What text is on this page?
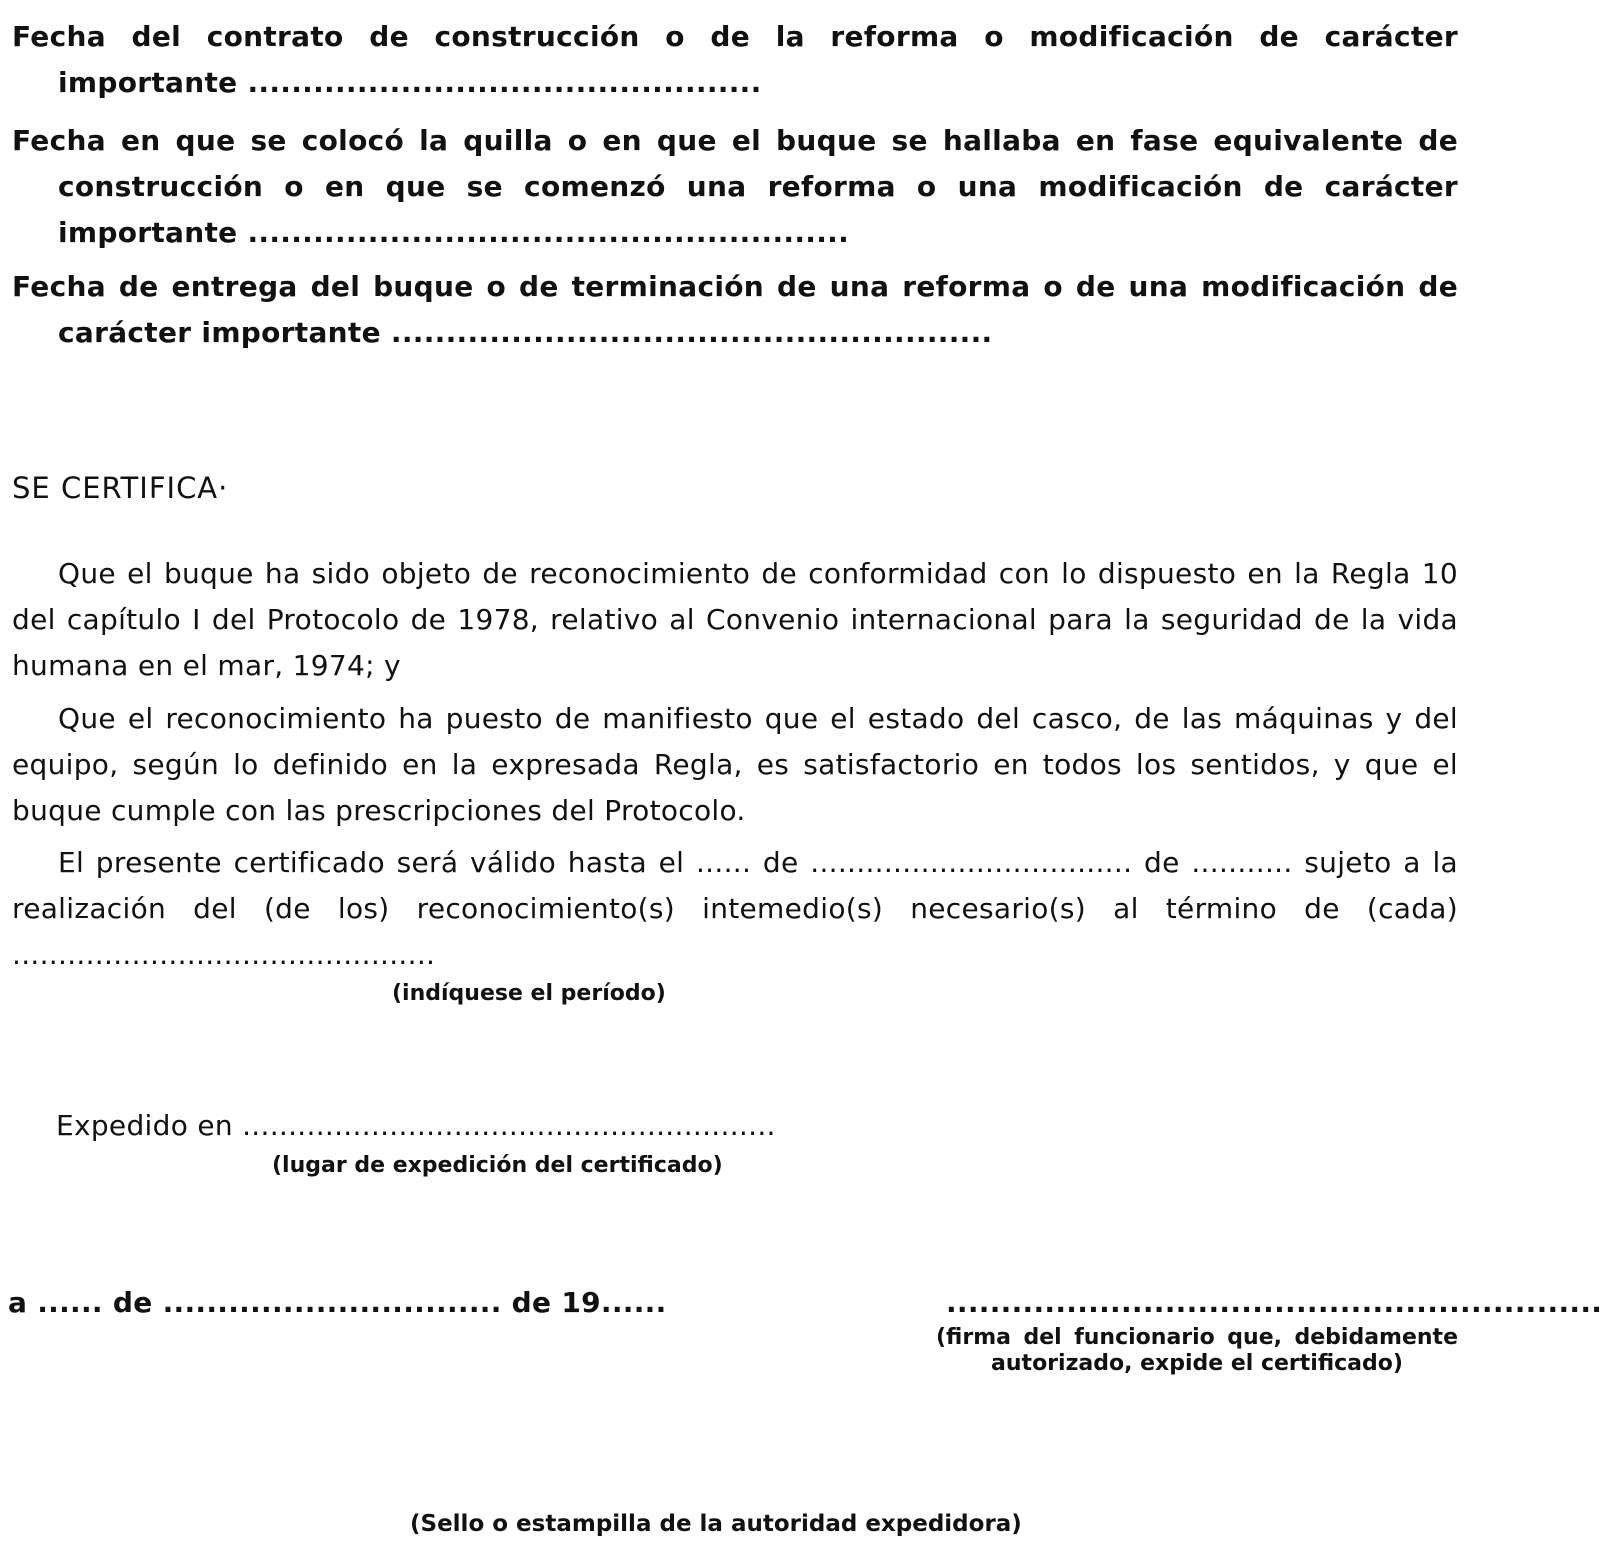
Fecha del contrato de construcción o de la reforma o modificación de carácter importante ...............................................
Fecha en que se colocó la quilla o en que el buque se hallaba en fase equivalente de construcción o en que se comenzó una reforma o una modificación de carácter importante .......................................................
Fecha de entrega del buque o de terminación de una reforma o de una modificación de carácter importante .......................................................
SE CERTIFICA·
Que el buque ha sido objeto de reconocimiento de conformidad con lo dispuesto en la Regla 10 del capítulo I del Protocolo de 1978, relativo al Convenio internacional para la seguridad de la vida humana en el mar, 1974; y
Que el reconocimiento ha puesto de manifiesto que el estado del casco, de las máquinas y del equipo, según lo definido en la expresada Regla, es satisfactorio en todos los sentidos, y que el buque cumple con las prescripciones del Protocolo.
El presente certificado será válido hasta el ...... de ................................... de ........... sujeto a la realización del (de los) reconocimiento(s) intemedio(s) necesario(s) al término de (cada) ..............................................
(indíquese el período)
Expedido en ..........................................................
(lugar de expedición del certificado)
a ...... de ............................... de 19......	............................................................
(firma del funcionario que, debidamente autorizado, expide el certificado)
(Sello o estampilla de la autoridad expedidora)
